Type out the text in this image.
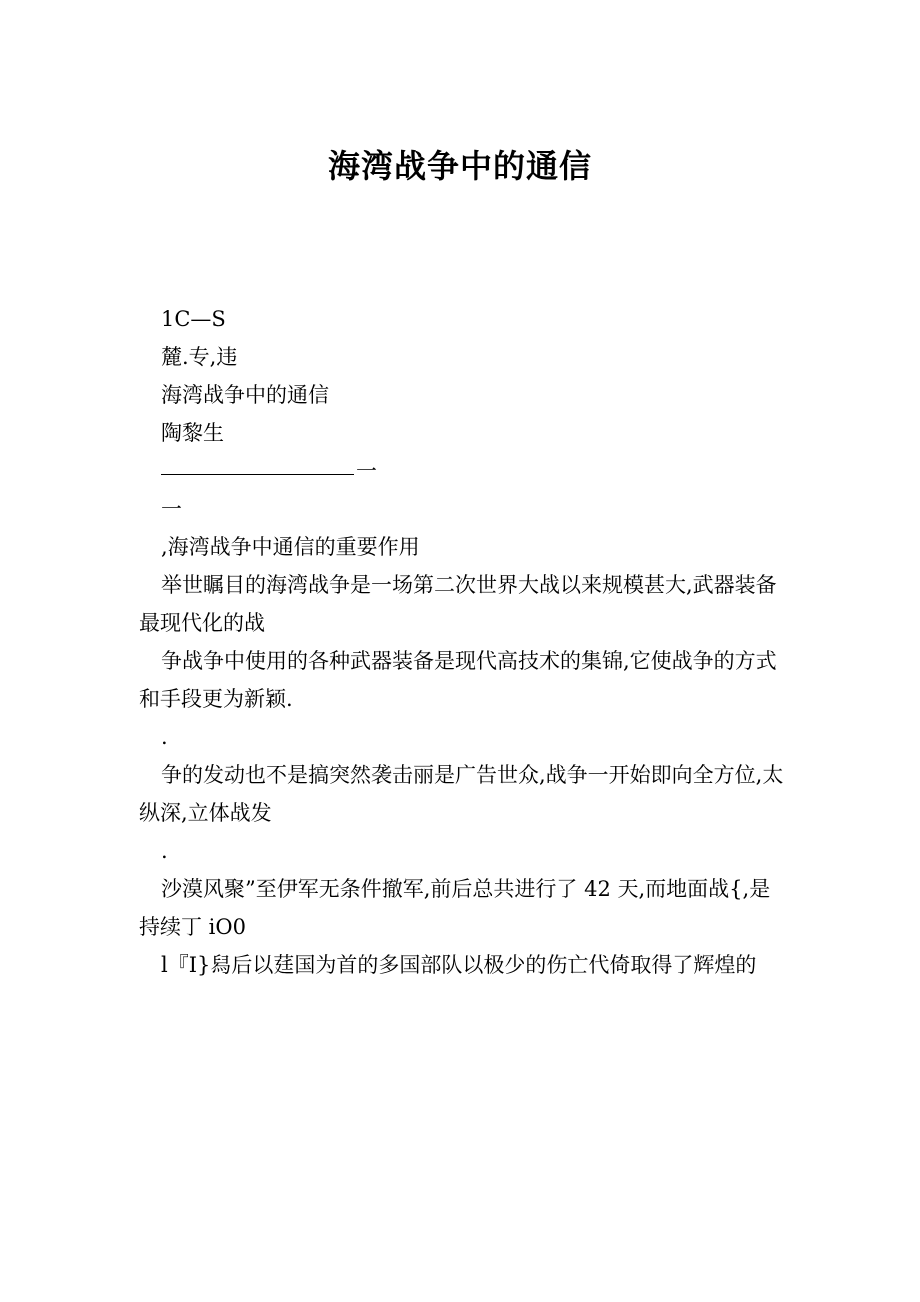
海湾战争中的通信

1C—S

麓.专,违

海湾战争中的通信

陶黎生

一

一

,海湾战争中通信的重要作用

举世瞩目的海湾战争是一场第二次世界大战以来规模甚大,武器装备最现代化的战

争战争中使用的各种武器装备是现代高技术的集锦,它使战争的方式和手段更为新颖.

.

争的发动也不是搞突然袭击丽是广告世众,战争一开始即向全方位,太纵深,立体战发

.

沙漠风聚”至伊军无条件撤军,前后总共进行了 42 天,而地面战{,是持续丁 iO0

l『I}舄后以莛国为首的多国部队以极少的伤亡代倚取得了辉煌的
